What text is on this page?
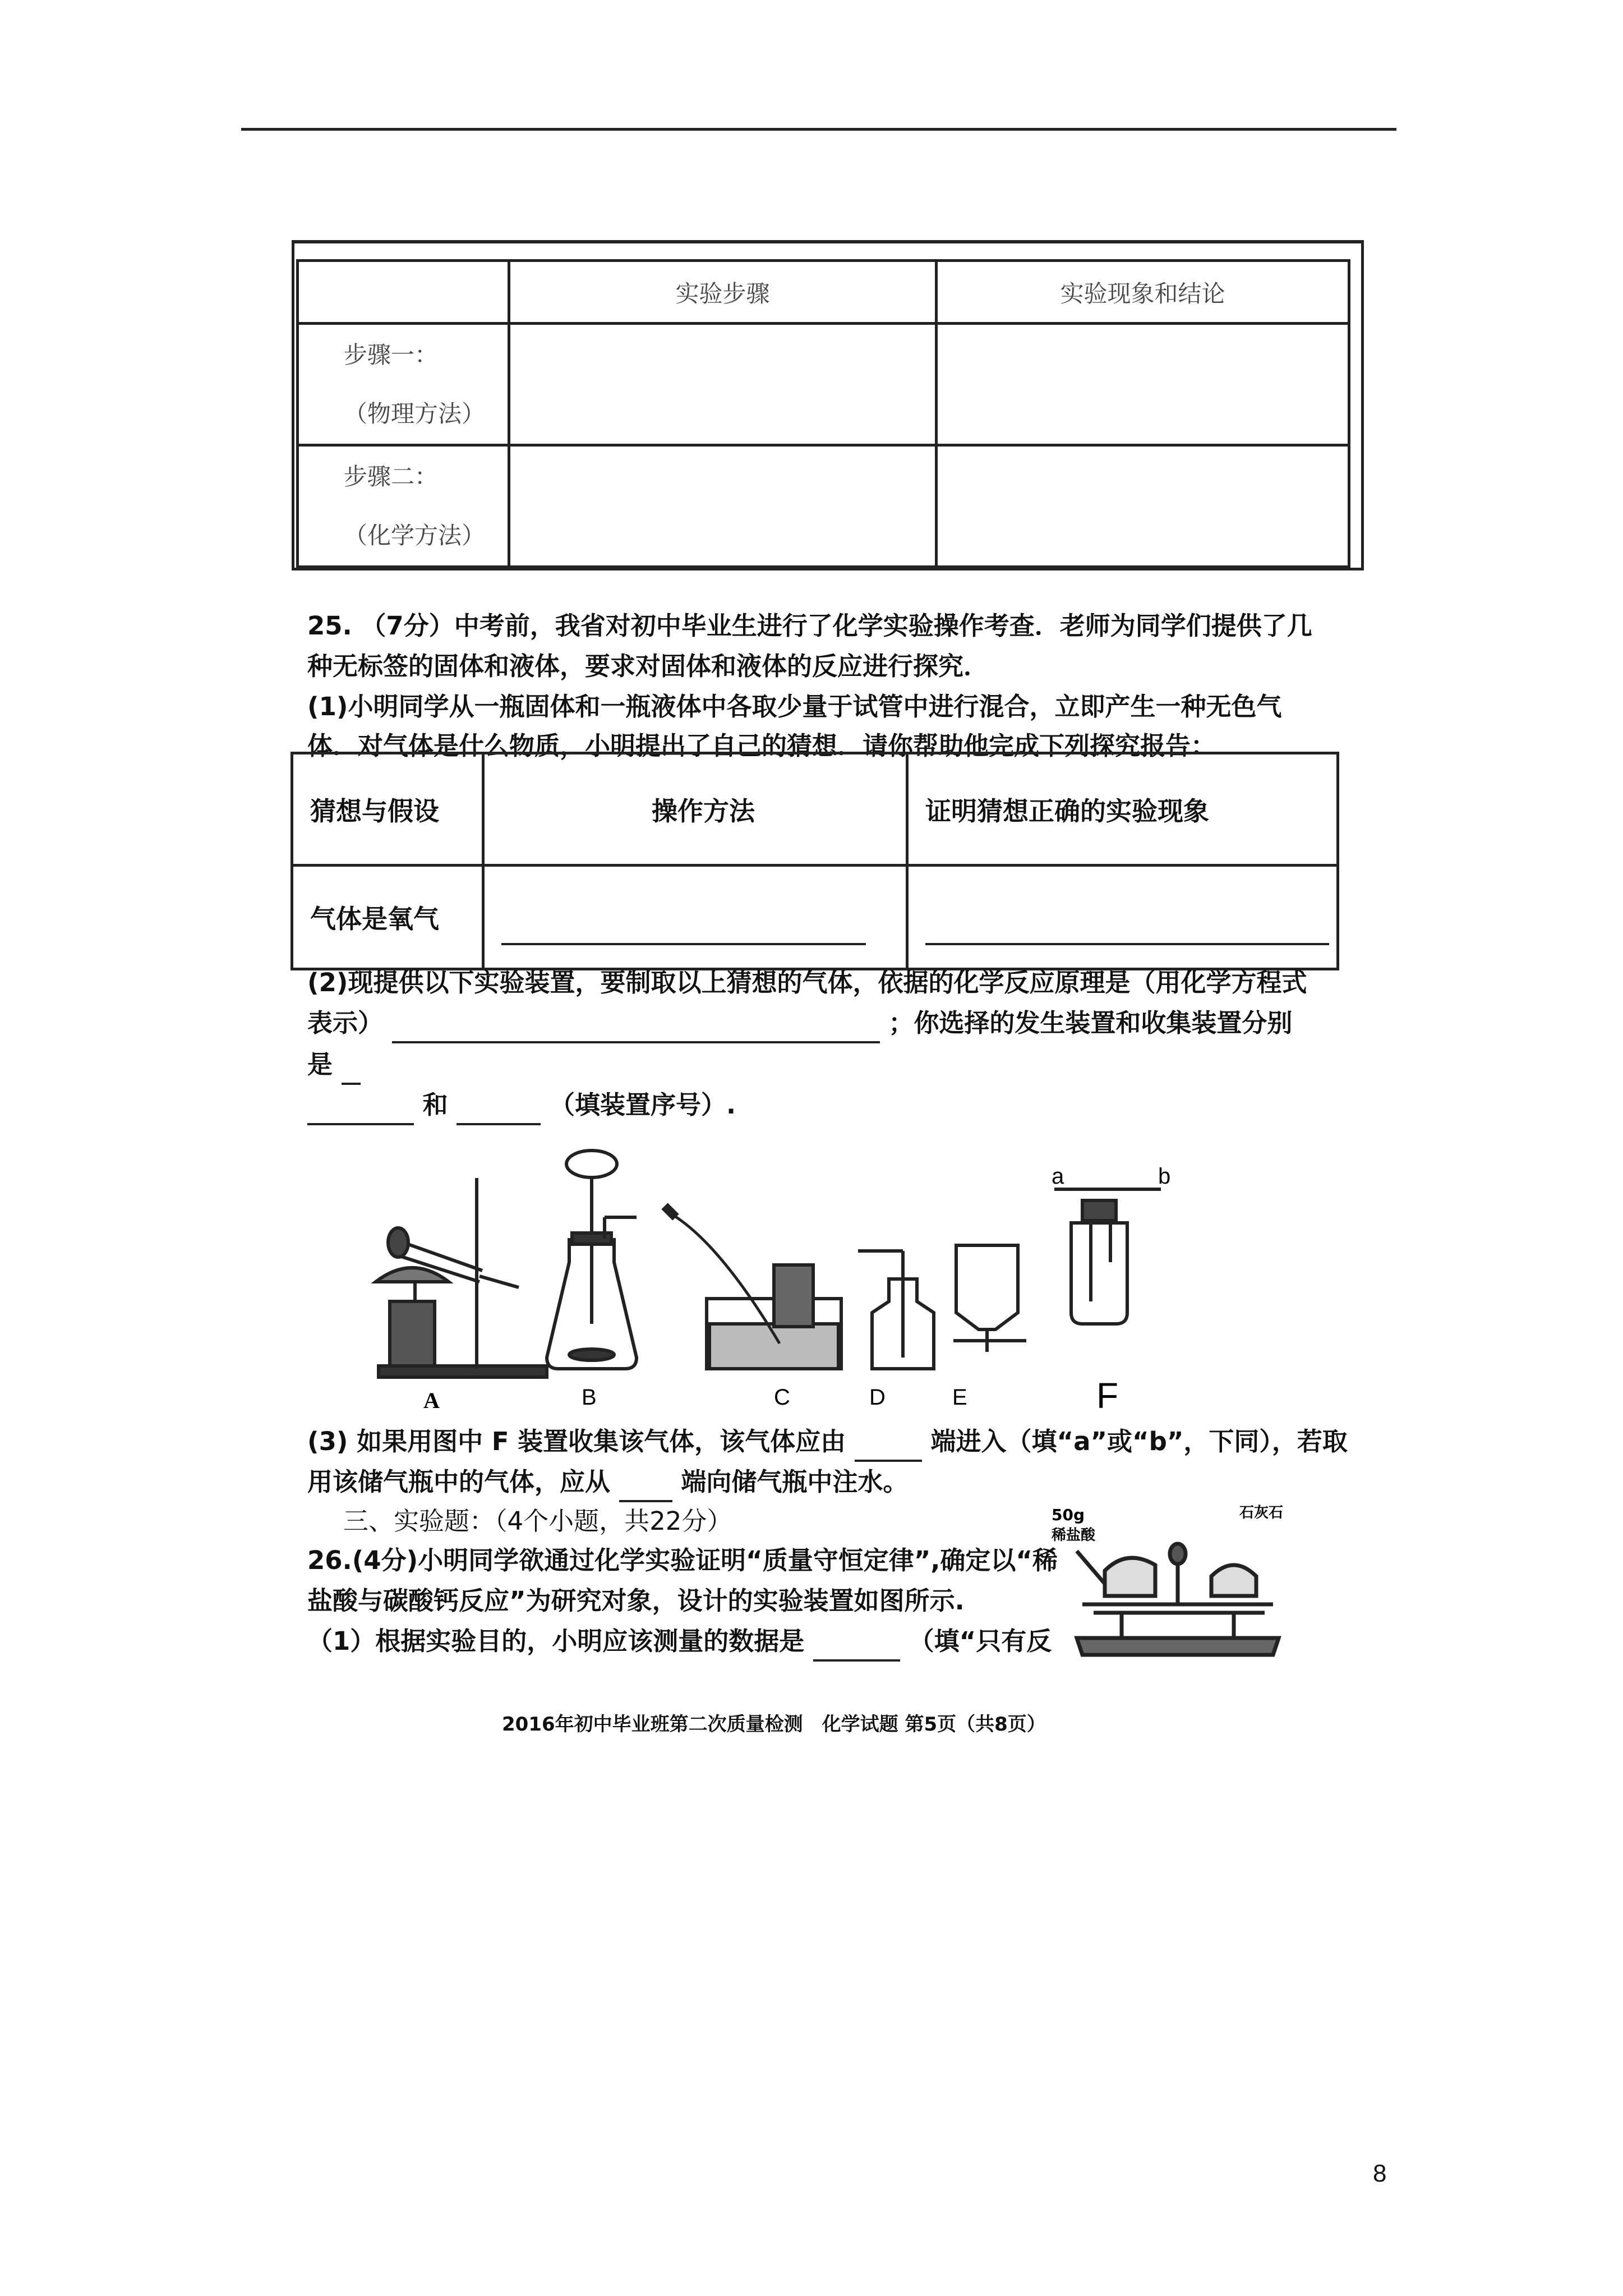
	实验步骤	实验现象和结论

步骤一：
（物理方法）		

步骤二：
（化学方法）		

25. （7分）中考前，我省对初中毕业生进行了化学实验操作考查．老师为同学们提供了几
种无标签的固体和液体，要求对固体和液体的反应进行探究．
(1)小明同学从一瓶固体和一瓶液体中各取少量于试管中进行混合，立即产生一种无色气
体．对气体是什么物质，小明提出了自己的猜想．请你帮助他完成下列探究报告：
猜想与假设	操作方法	证明猜想正确的实验现象
气体是氧气		
(2)现提供以下实验装置，要制取以上猜想的气体，依据的化学反应原理是（用化学方程式
表示）	；你选择的发生装置和收集装置分别
是
和	（填装置序号）.
a	b
A	B	C	D	E	F
(3) 如果用图中 F 装置收集该气体，该气体应由	端进入（填“a”或“b”，下同），若取
用该储气瓶中的气体，应从	端向储气瓶中注水。
三、实验题：（4个小题，共22分）
26.(4分)小明同学欲通过化学实验证明“质量守恒定律”,确定以“稀
盐酸与碳酸钙反应”为研究对象，设计的实验装置如图所示.
（1）根据实验目的，小明应该测量的数据是	（填“只有反
50g
稀盐酸
石灰石
2016年初中毕业班第二次质量检测　化学试题 第5页（共8页）
8
